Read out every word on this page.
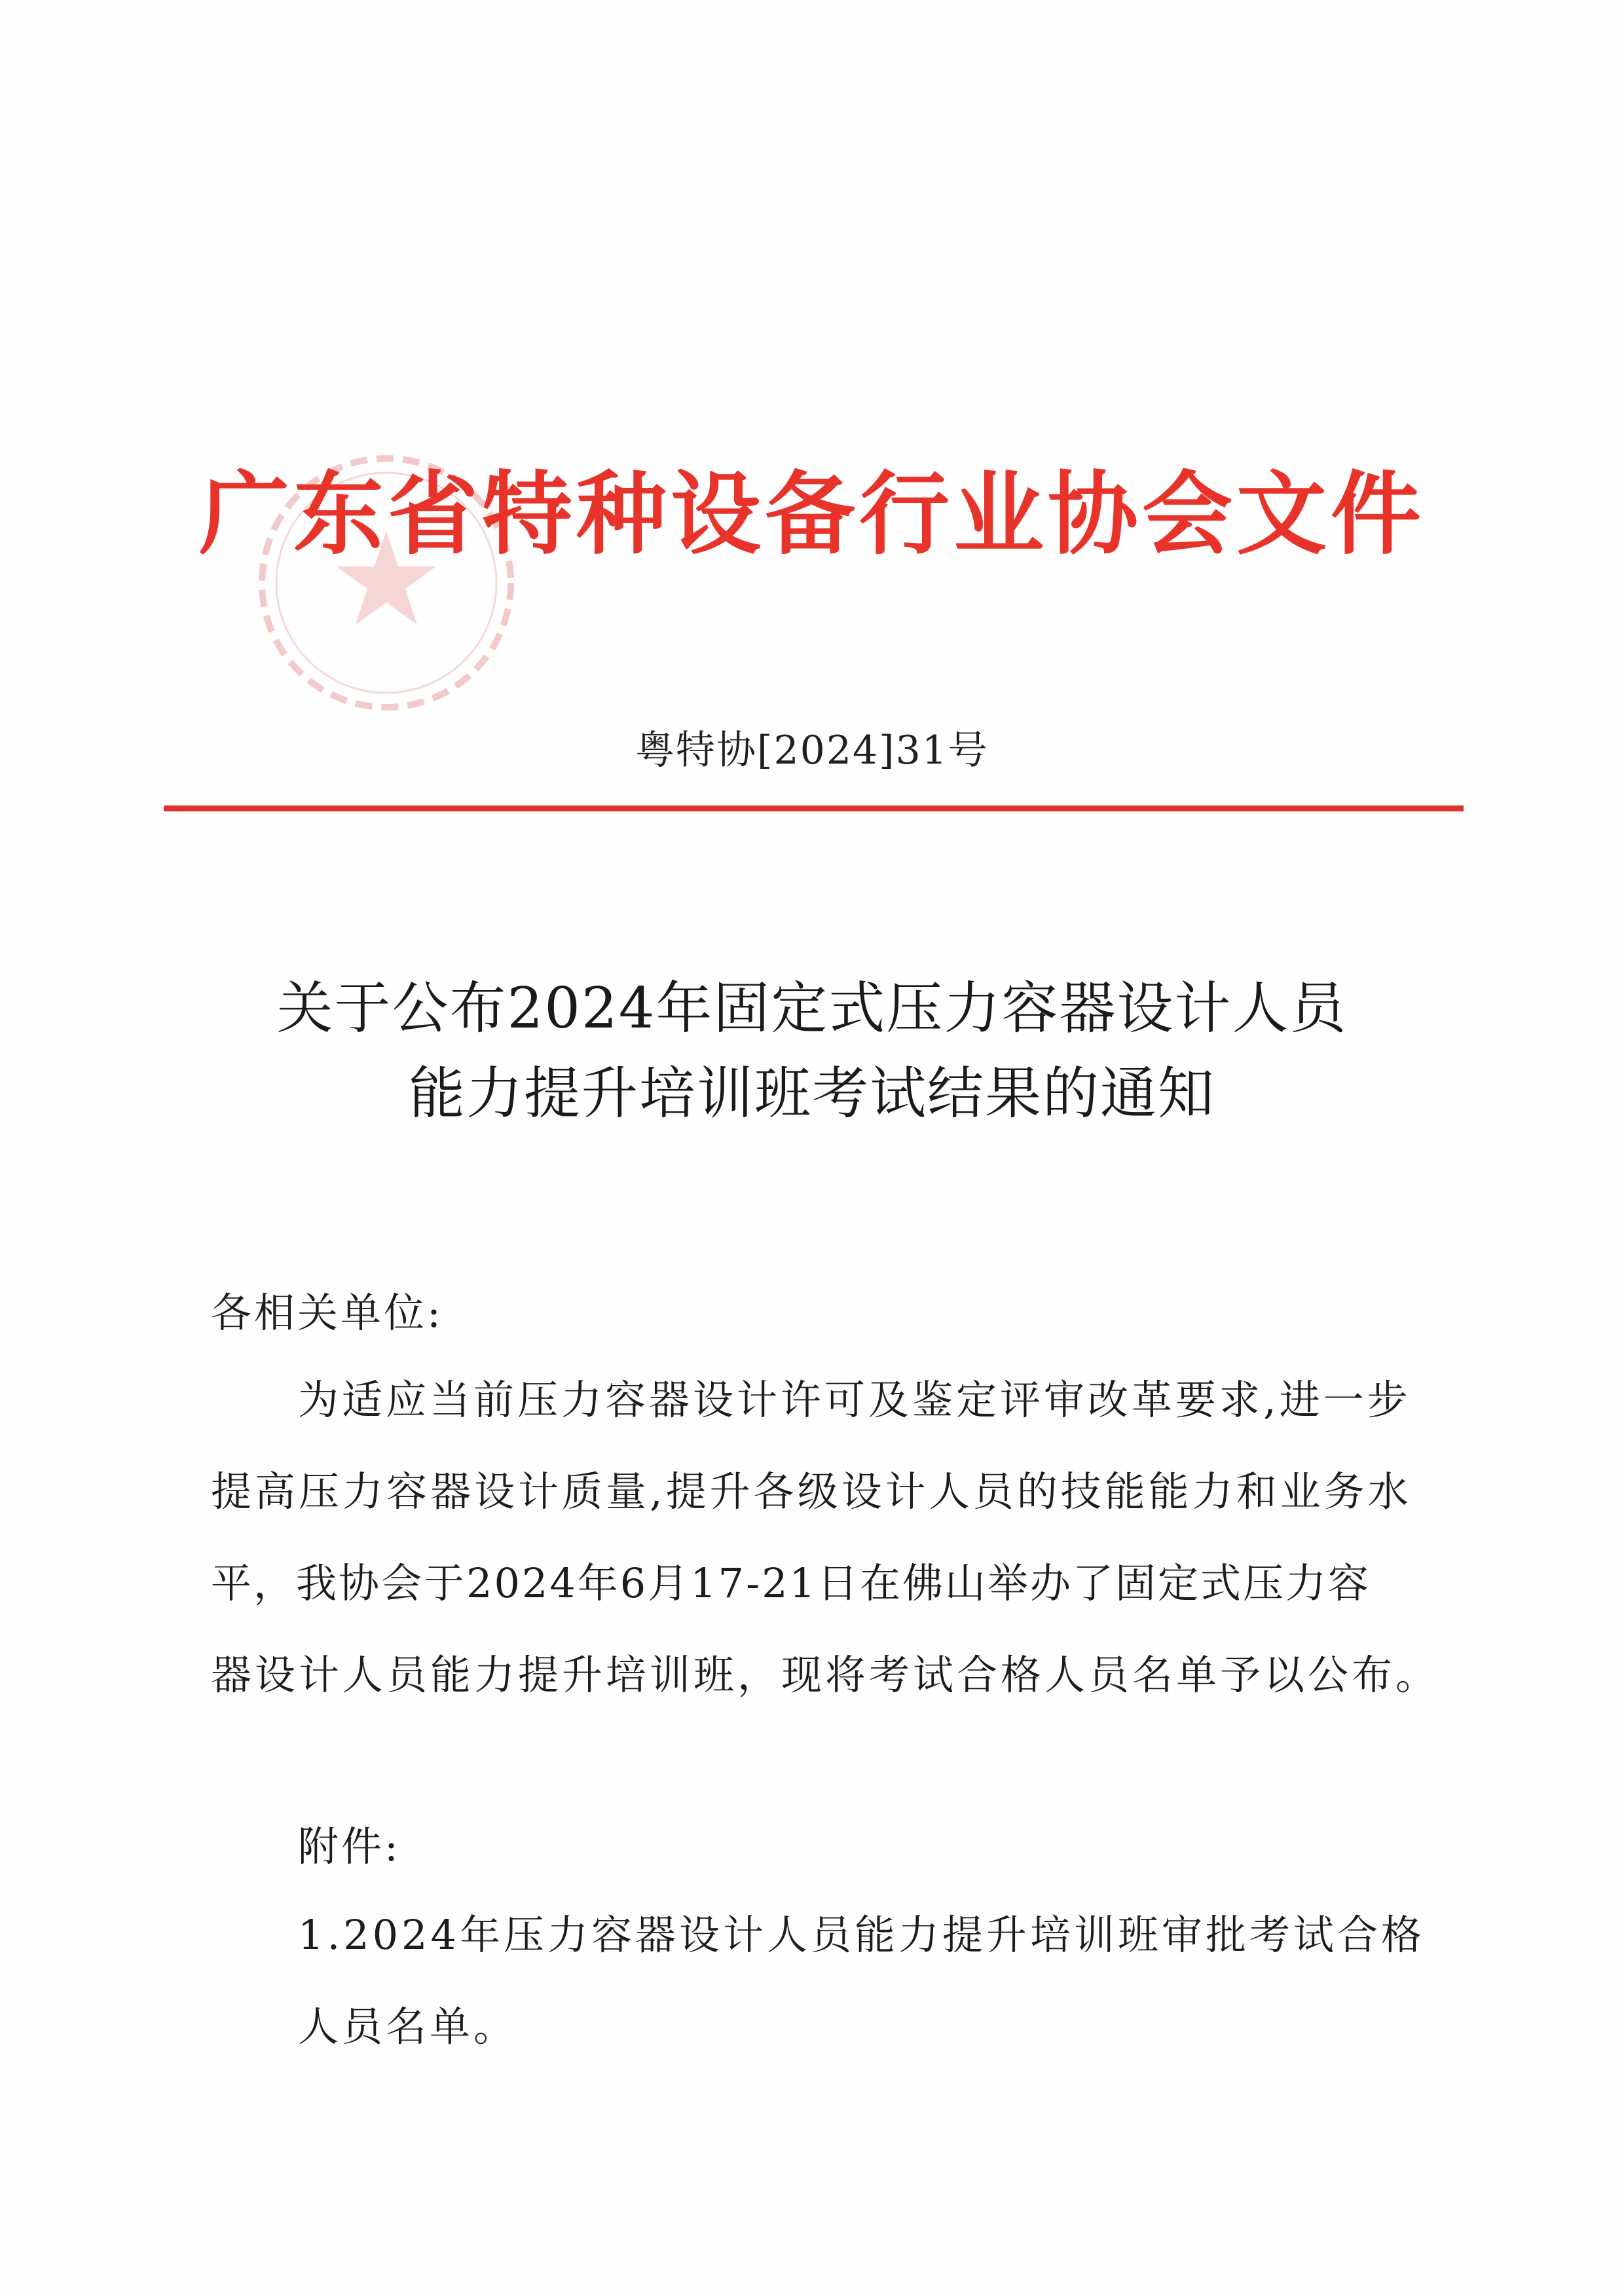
广东省特种设备行业协会文件
粤特协[2024]31号
关于公布2024年固定式压力容器设计人员
能力提升培训班考试结果的通知
各相关单位:
为适应当前压力容器设计许可及鉴定评审改革要求,进一步
提高压力容器设计质量,提升各级设计人员的技能能力和业务水
平，我协会于2024年6月17-21日在佛山举办了固定式压力容
器设计人员能力提升培训班，现将考试合格人员名单予以公布。
附件:
1.2024年压力容器设计人员能力提升培训班审批考试合格
人员名单。
